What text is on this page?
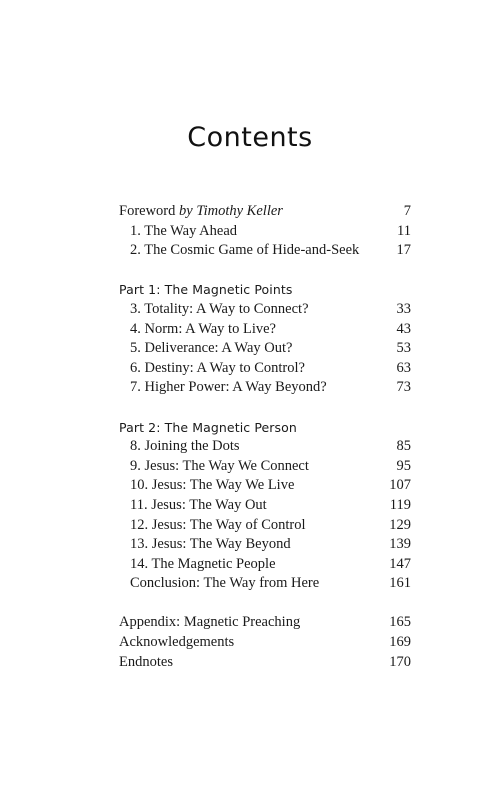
Contents
Foreword by Timothy Keller	7
1. The Way Ahead	11
2. The Cosmic Game of Hide-and-Seek	17
Part 1: The Magnetic Points
3. Totality: A Way to Connect?	33
4. Norm: A Way to Live?	43
5. Deliverance: A Way Out?	53
6. Destiny: A Way to Control?	63
7. Higher Power: A Way Beyond?	73
Part 2: The Magnetic Person
8. Joining the Dots	85
9. Jesus: The Way We Connect	95
10. Jesus: The Way We Live	107
11. Jesus: The Way Out	119
12. Jesus: The Way of Control	129
13. Jesus: The Way Beyond	139
14. The Magnetic People	147
Conclusion: The Way from Here	161
Appendix: Magnetic Preaching	165
Acknowledgements	169
Endnotes	170
